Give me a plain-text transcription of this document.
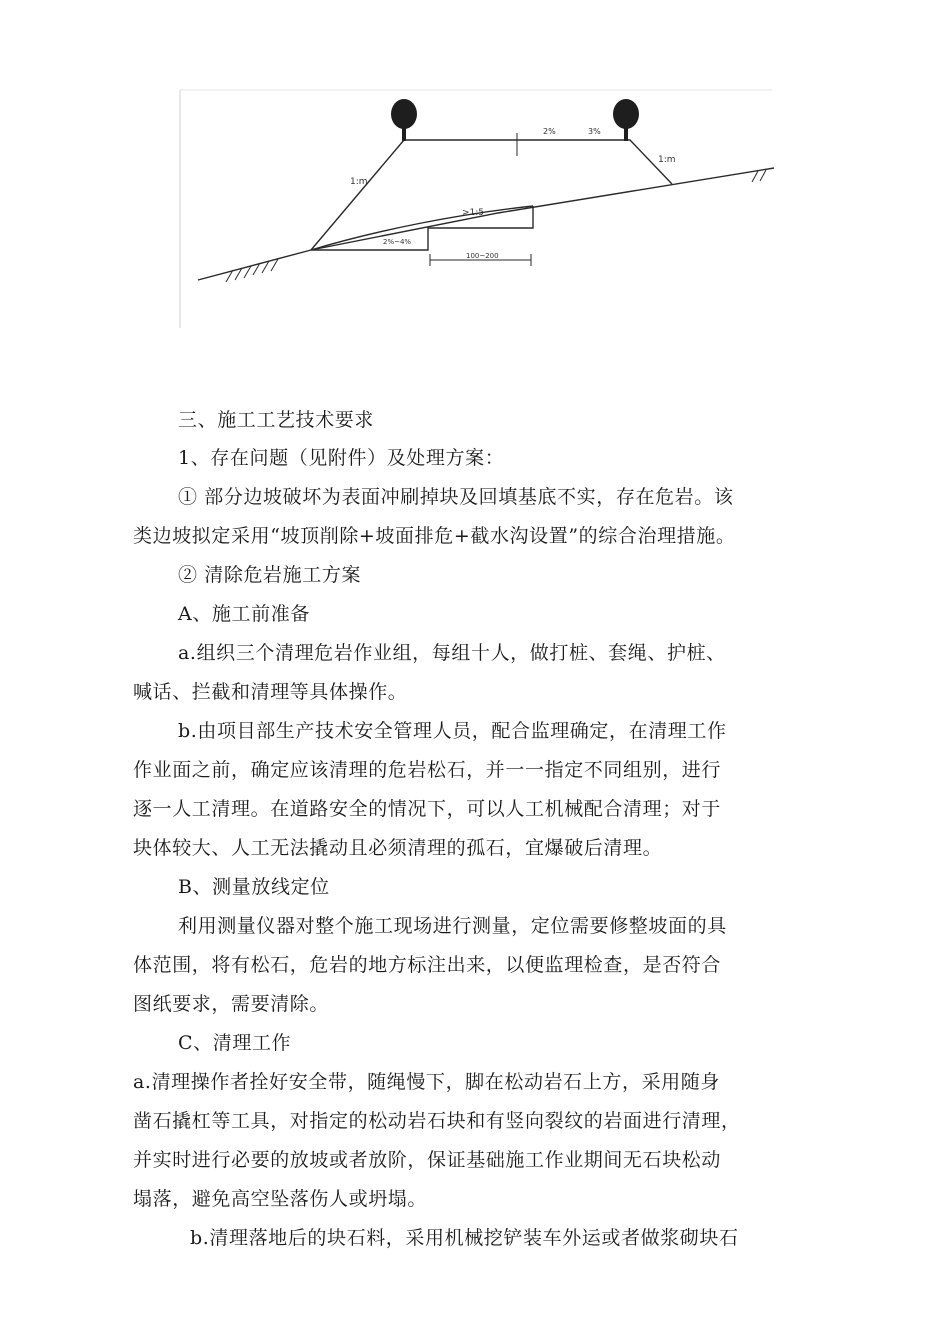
1:m
1:m
2%	3%
>1:5
2%~4%
100~200
三、施工工艺技术要求
1、存在问题（见附件）及处理方案：
① 部分边坡破坏为表面冲刷掉块及回填基底不实，存在危岩。该
类边坡拟定采用“坡顶削除+坡面排危+截水沟设置”的综合治理措施。
② 清除危岩施工方案
A、施工前准备
a.组织三个清理危岩作业组，每组十人，做打桩、套绳、护桩、
喊话、拦截和清理等具体操作。
b.由项目部生产技术安全管理人员，配合监理确定，在清理工作
作业面之前，确定应该清理的危岩松石，并一一指定不同组别，进行
逐一人工清理。在道路安全的情况下，可以人工机械配合清理；对于
块体较大、人工无法撬动且必须清理的孤石，宜爆破后清理。
B、测量放线定位
利用测量仪器对整个施工现场进行测量，定位需要修整坡面的具
体范围，将有松石，危岩的地方标注出来，以便监理检查，是否符合
图纸要求，需要清除。
C、清理工作
a.清理操作者拴好安全带，随绳慢下，脚在松动岩石上方，采用随身
凿石撬杠等工具，对指定的松动岩石块和有竖向裂纹的岩面进行清理，
并实时进行必要的放坡或者放阶，保证基础施工作业期间无石块松动
塌落，避免高空坠落伤人或坍塌。
b.清理落地后的块石料，采用机械挖铲装车外运或者做浆砌块石
